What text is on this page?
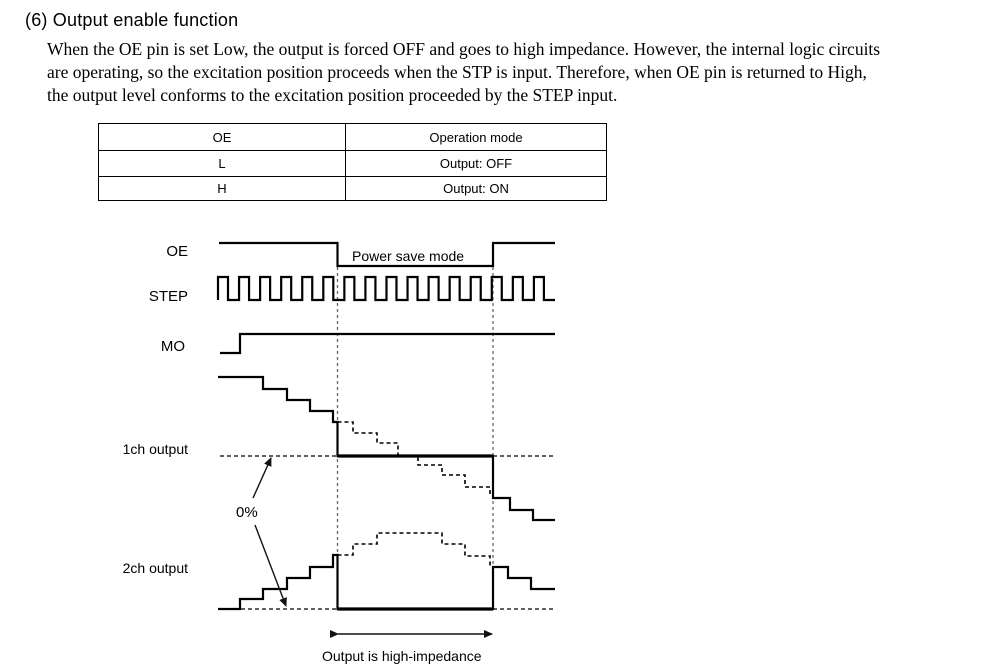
(6) Output enable function
When the OE pin is set Low, the output is forced OFF and goes to high impedance. However, the internal logic circuits
are operating, so the excitation position proceeds when the STP is input. Therefore, when OE pin is returned to High,
the output level conforms to the excitation position proceeded by the STEP input.
OE	Operation mode
L	Output: OFF
H	Output: ON
OE
STEP
MO
1ch output
2ch output
Power save mode
0%
Output is high-impedance
